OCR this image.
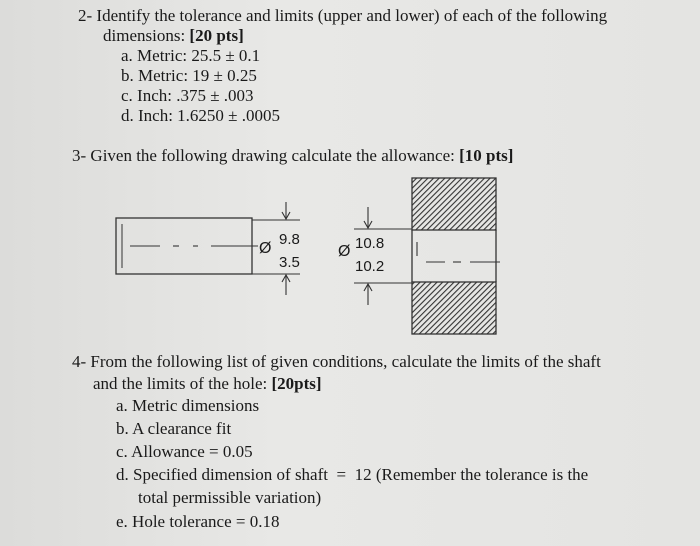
2- Identify the tolerance and limits (upper and lower) of each of the following
dimensions: [20 pts]
a. Metric: 25.5 ± 0.1
b. Metric: 19 ± 0.25
c. Inch: .375 ± .003
d. Inch: 1.6250 ± .0005
3- Given the following drawing calculate the allowance: [10 pts]
Ø
9.8
3.5
Ø 10.8
10.2
4- From the following list of given conditions, calculate the limits of the shaft
and the limits of the hole: [20pts]
a. Metric dimensions
b. A clearance fit
c. Allowance = 0.05
d. Specified dimension of shaft  =  12 (Remember the tolerance is the
total permissible variation)
e. Hole tolerance = 0.18
